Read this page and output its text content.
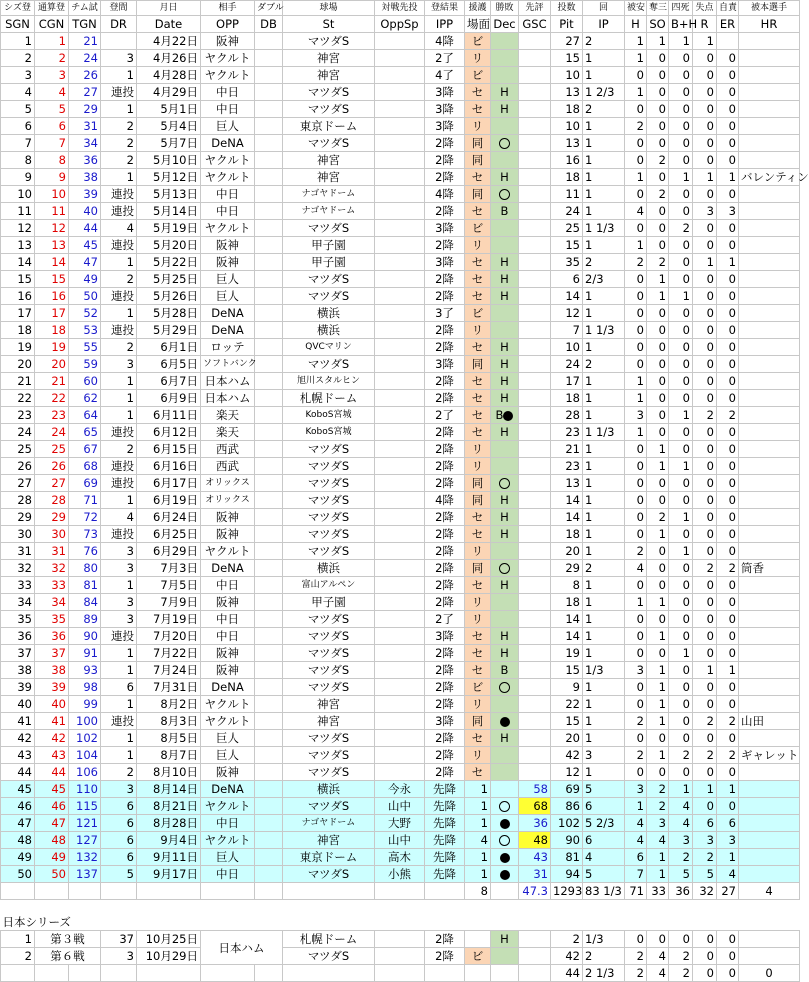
シズ登	通算登	チム試	登間	月日	相手	ダブル	球場	対戦先投	登結果	援護	勝敗	先評	投数	回	被安	奪三	四死	失点	自責	被本選手
SGN	CGN	TGN	DR	Date	OPP	DB	St	OppSp	IPP	場面	Dec	GSC	Pit	IP	H	SO	B+H	R	ER	HR
1	1	21		4月22日	阪神		マツダS		4降	ビ			27	2	1	1	1	1		
2	2	24	3	4月26日	ヤクルト		神宮		2了	リ			15	1	1	0	0	0	0	
3	3	26	1	4月28日	ヤクルト		神宮		4了	ビ			10	1	0	0	0	0	0	
4	4	27	連投	4月29日	中日		マツダS		3降	セ	H		13	1 2/3	1	0	0	0	0	
5	5	29	1	5月1日	中日		マツダS		3降	セ	H		18	2	0	0	0	0	0	
6	6	31	2	5月4日	巨人		東京ドーム		3降	リ			10	1	2	0	0	0	0	
7	7	34	2	5月7日	DeNA		マツダS		2降	同			13	1	0	0	0	0	0	
8	8	36	2	5月10日	ヤクルト		神宮		2降	同			16	1	0	2	0	0	0	
9	9	38	1	5月12日	ヤクルト		神宮		2降	セ	H		18	1	1	0	1	1	1	バレンティン
10	10	39	連投	5月13日	中日		ナゴヤドーム		4降	同			11	1	0	2	0	0	0	
11	11	40	連投	5月14日	中日		ナゴヤドーム		2降	セ	B		24	1	4	0	0	3	3	
12	12	44	4	5月19日	ヤクルト		マツダS		3降	ビ			25	1 1/3	0	0	2	0	0	
13	13	45	連投	5月20日	阪神		甲子園		2降	リ			15	1	1	0	0	0	0	
14	14	47	1	5月22日	阪神		甲子園		3降	セ	H		35	2	2	2	0	1	1	
15	15	49	2	5月25日	巨人		マツダS		2降	セ	H		6	2/3	0	1	0	0	0	
16	16	50	連投	5月26日	巨人		マツダS		2降	セ	H		14	1	0	1	1	0	0	
17	17	52	1	5月28日	DeNA		横浜		3了	ビ			12	1	0	0	0	0	0	
18	18	53	連投	5月29日	DeNA		横浜		2降	リ			7	1 1/3	0	0	0	0	0	
19	19	55	2	6月1日	ロッテ		QVCマリン		2降	セ	H		10	1	0	0	0	0	0	
20	20	59	3	6月5日	ソフトバンク		マツダS		3降	同	H		24	2	0	0	0	0	0	
21	21	60	1	6月7日	日本ハム		旭川スタルヒン		2降	セ	H		17	1	1	0	0	0	0	
22	22	62	1	6月9日	日本ハム		札幌ドーム		2降	セ	H		18	1	1	0	0	0	0	
23	23	64	1	6月11日	楽天		KoboS宮城		2了	セ	B		28	1	3	0	1	2	2	
24	24	65	連投	6月12日	楽天		KoboS宮城		2降	セ	H		23	1 1/3	1	0	0	0	0	
25	25	67	2	6月15日	西武		マツダS		2降	リ			21	1	0	1	0	0	0	
26	26	68	連投	6月16日	西武		マツダS		2降	リ			23	1	0	1	1	0	0	
27	27	69	連投	6月17日	オリックス		マツダS		2降	同			13	1	0	0	0	0	0	
28	28	71	1	6月19日	オリックス		マツダS		4降	同	H		14	1	0	0	0	0	0	
29	29	72	4	6月24日	阪神		マツダS		2降	セ	H		14	1	0	2	1	0	0	
30	30	73	連投	6月25日	阪神		マツダS		2降	セ	H		18	1	0	1	0	0	0	
31	31	76	3	6月29日	ヤクルト		マツダS		2降	リ			20	1	2	0	1	0	0	
32	32	80	3	7月3日	DeNA		横浜		2降	同			29	2	4	0	0	2	2	筒香
33	33	81	1	7月5日	中日		富山アルペン		2降	セ	H		8	1	0	0	0	0	0	
34	34	84	3	7月9日	阪神		甲子園		2降	リ			18	1	1	1	0	0	0	
35	35	89	3	7月19日	中日		マツダS		2了	リ			14	1	0	0	0	0	0	
36	36	90	連投	7月20日	中日		マツダS		3降	セ	H		14	1	0	1	0	0	0	
37	37	91	1	7月22日	阪神		マツダS		2降	セ	H		19	1	0	0	1	0	0	
38	38	93	1	7月24日	阪神		マツダS		2降	セ	B		15	1/3	3	1	0	1	1	
39	39	98	6	7月31日	DeNA		マツダS		2降	ビ			9	1	0	1	0	0	0	
40	40	99	1	8月2日	ヤクルト		神宮		2降	リ			22	1	0	1	0	0	0	
41	41	100	連投	8月3日	ヤクルト		神宮		3降	同			15	1	2	1	0	2	2	山田
42	42	102	1	8月5日	巨人		マツダS		2降	セ	H		20	1	0	0	0	0	0	
43	43	104	1	8月7日	巨人		マツダS		2降	リ			42	3	2	1	2	2	2	ギャレット
44	44	106	2	8月10日	阪神		マツダS		2降	セ			12	1	0	0	0	0	0	
45	45	110	3	8月14日	DeNA		横浜	今永	先降	1		58	69	5	3	2	1	1	1	
46	46	115	6	8月21日	ヤクルト		マツダS	山中	先降	1		68	86	6	1	2	4	0	0	
47	47	121	6	8月28日	中日		ナゴヤドーム	大野	先降	1		36	102	5 2/3	4	3	4	6	6	
48	48	127	6	9月4日	ヤクルト		神宮	山中	先降	4		48	90	6	4	4	3	3	3	
49	49	132	6	9月11日	巨人		東京ドーム	高木	先降	1		43	81	4	6	1	2	2	1	
50	50	137	5	9月17日	中日		マツダS	小熊	先降	1		31	94	5	7	1	5	5	4	
										8		47.3	1293	83 1/3	71	33	36	32	27	4

日本シリーズ																				
1	第３戦		37	10月25日	日本ハム		札幌ドーム		2降		H		2	1/3	0	0	0	0	0	
2	第６戦		3	10月29日			マツダS		2降	ビ			42	2	2	4	2	0	0	
													44	2 1/3	2	4	2	0	0	0
